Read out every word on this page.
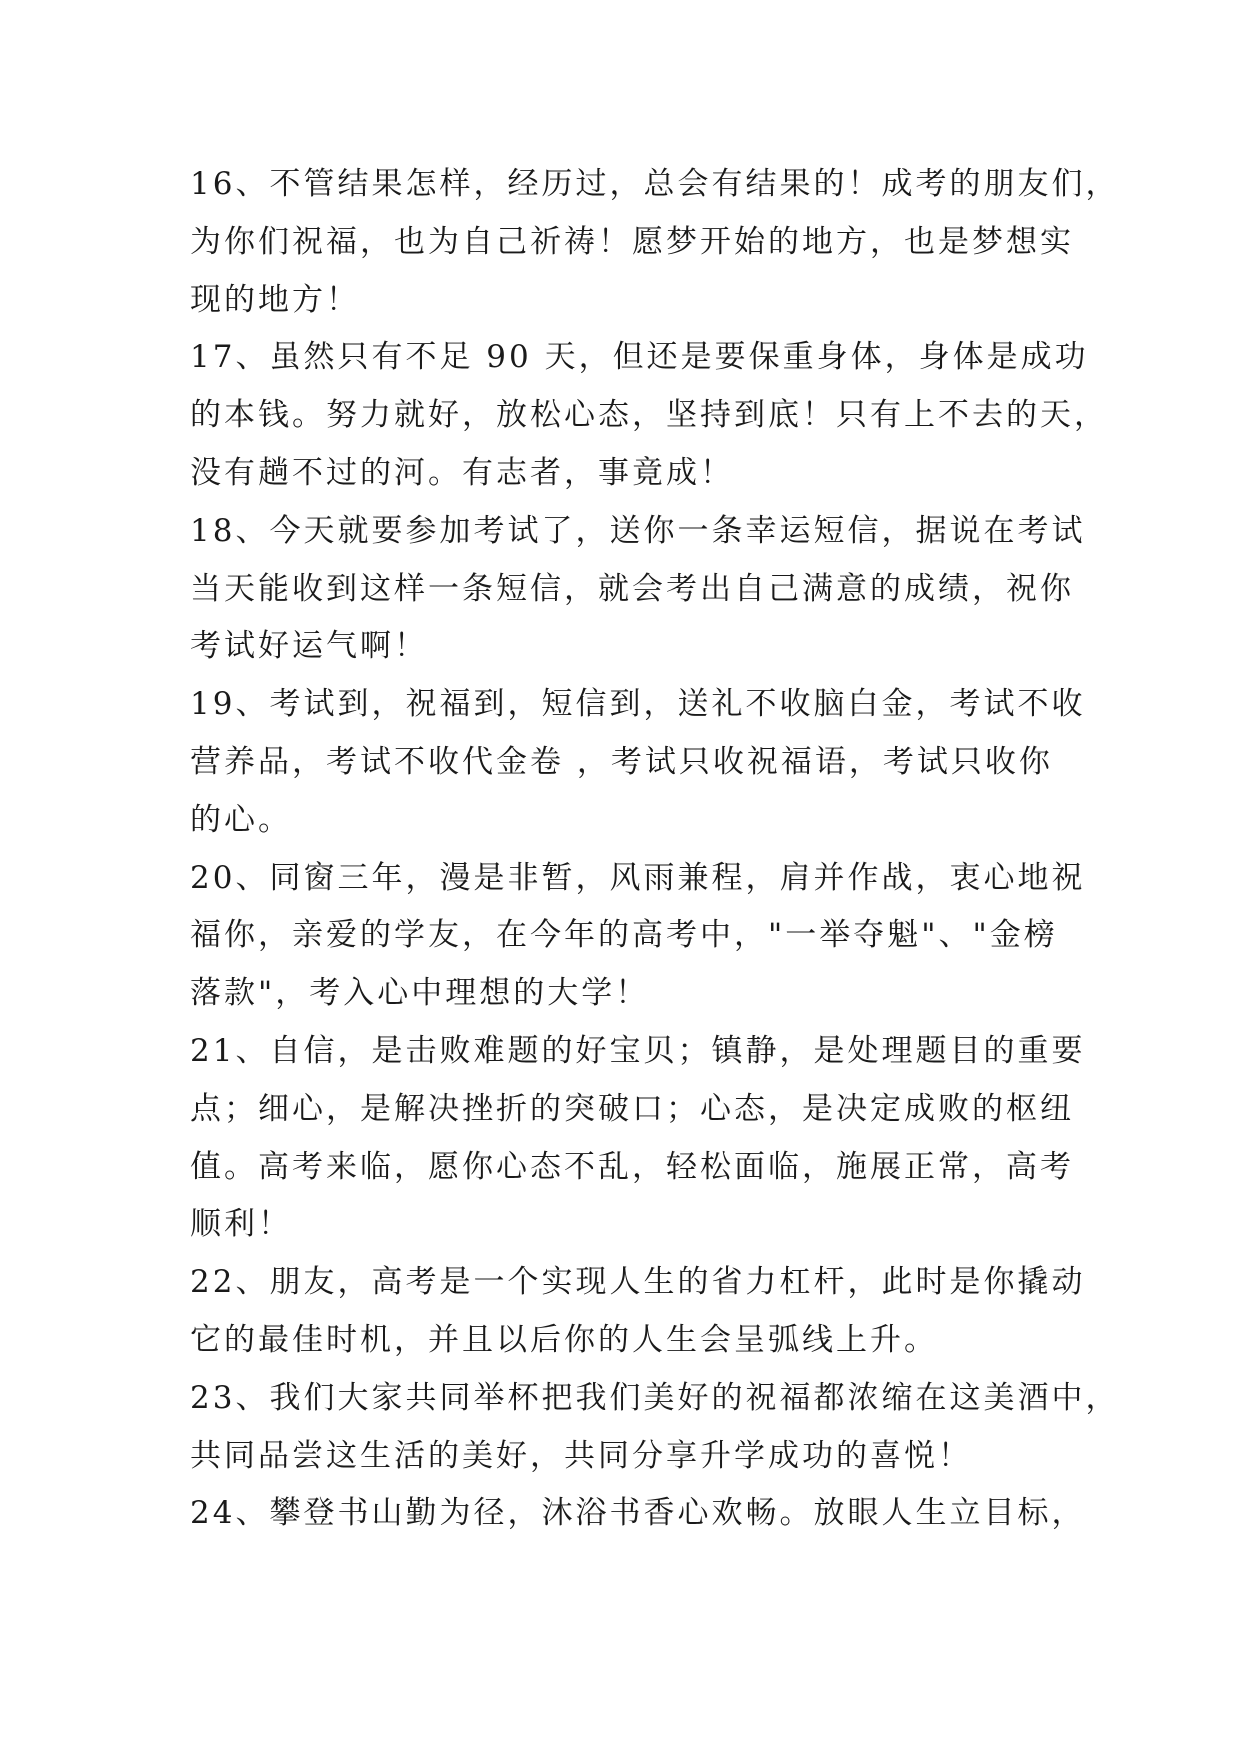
16、不管结果怎样，经历过，总会有结果的！成考的朋友们，
为你们祝福，也为自己祈祷！愿梦开始的地方，也是梦想实
现的地方！
17、虽然只有不足 90 天，但还是要保重身体，身体是成功
的本钱。努力就好，放松心态，坚持到底！只有上不去的天，
没有趟不过的河。有志者，事竟成！
18、今天就要参加考试了，送你一条幸运短信，据说在考试
当天能收到这样一条短信，就会考出自己满意的成绩，祝你
考试好运气啊！
19、考试到，祝福到，短信到，送礼不收脑白金，考试不收
营养品，考试不收代金卷 ，考试只收祝福语，考试只收你
的心。
20、同窗三年，漫是非暂，风雨兼程，肩并作战，衷心地祝
福你，亲爱的学友，在今年的高考中，"一举夺魁"、"金榜
落款"，考入心中理想的大学！
21、自信，是击败难题的好宝贝；镇静，是处理题目的重要
点；细心，是解决挫折的突破口；心态，是决定成败的枢纽
值。高考来临，愿你心态不乱，轻松面临，施展正常，高考
顺利！
22、朋友，高考是一个实现人生的省力杠杆，此时是你撬动
它的最佳时机，并且以后你的人生会呈弧线上升。
23、我们大家共同举杯把我们美好的祝福都浓缩在这美酒中，
共同品尝这生活的美好，共同分享升学成功的喜悦！
24、攀登书山勤为径，沐浴书香心欢畅。放眼人生立目标，
